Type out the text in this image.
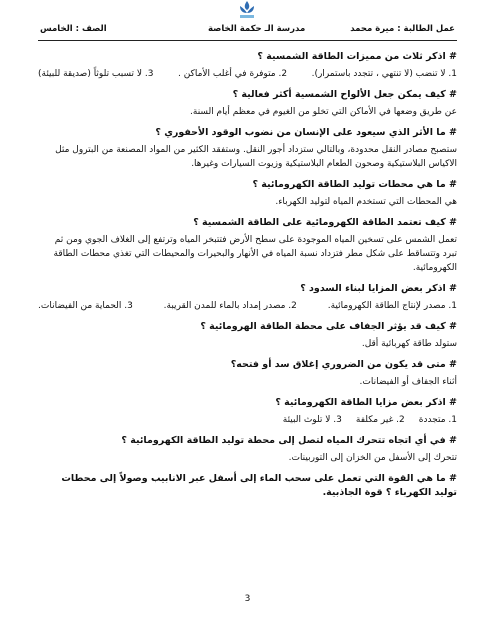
عمل الطالبة : ميرة محمد
مدرسة الـ حكمة الخاصة
الصف : الخامس

# اذكر ثلاث من مميزات الطاقة الشمسية ؟

1. لا تنضب (لا تنتهي ، تتجدد باستمرار).
2. متوفرة في أغلب الأماكن .
3. لا تسبب تلوثاً (صديقة للبيئة)

# كيف يمكن جعل الألواح الشمسية أكثر فعالية ؟

عن طريق وضعها في الأماكن التي تخلو من الغيوم في معظم أيام السنة.

# ما الأثر الذي سيعود على الإنسان من نضوب الوقود الأحفوري ؟

ستصبح مصادر النقل محدودة، وبالتالي ستزداد أجور النقل. وستفقد الكثير من المواد المصنعة من البترول مثل الاكياس البلاستيكية وصحون الطعام البلاستيكية وزيوت السيارات وغيرها.

# ما هي محطات توليد الطاقة الكهرومائية ؟

هي المحطات التي تستخدم المياه لتوليد الكهرباء.

# كيف تعتمد الطاقة الكهرومائية على الطاقة الشمسية ؟

تعمل الشمس على تسخين المياه الموجودة على سطح الأرض فتتبخر المياه وترتفع إلى الغلاف الجوي ومن ثم تبرد وتتساقط على شكل مطر فتزداد نسبة المياه في الأنهار والبحيرات والمحيطات التي تغذي محطات الطاقة الكهرومائية.

# اذكر بعض المزايا لبناء السدود ؟

1. مصدر لإنتاج الطاقة الكهرومائية.
2. مصدر إمداد بالماء للمدن القريبة.
3. الحماية من الفيضانات.

# كيف قد يؤثر الجفاف على محطة الطاقة الهرومائية ؟

ستولد طاقة كهربائية أقل.

# متى قد يكون من الضروري إغلاق سد أو فتحه؟

أثناء الجفاف أو الفيضانات.

# اذكر بعض مزايا الطاقة الكهرومائية ؟

1. متجددة
2. غير مكلفة
3. لا تلوث البيئة

# في أي اتجاه تتحرك المياه لتصل إلى محطة توليد الطاقة الكهرومائية ؟

تتحرك إلى الأسفل من الخزان إلى التوربينات.

# ما هي القوة التي تعمل على سحب الماء إلى أسفل عبر الانابيب وصولاً إلى محطات توليد الكهرباء ؟ قوة الجاذبية.

3
